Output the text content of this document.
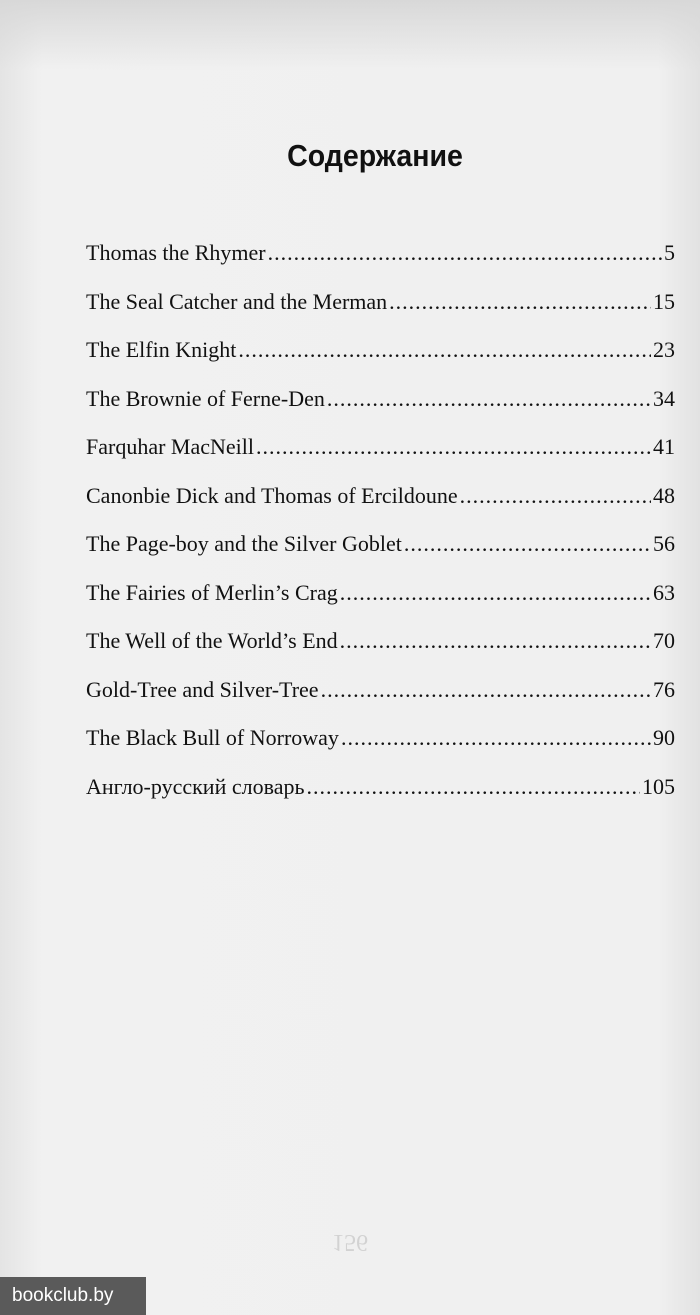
Содержание
Thomas the Rhymer .....	5
The Seal Catcher and the Merman .....	15
The Elfin Knight .....	23
The Brownie of Ferne-Den .....	34
Farquhar MacNeill .....	41
Canonbie Dick and Thomas of Ercildoune .....	48
The Page-boy and the Silver Goblet .....	56
The Fairies of Merlin’s Crag .....	63
The Well of the World’s End .....	70
Gold-Tree and Silver-Tree .....	76
The Black Bull of Norroway .....	90
Англо-русский словарь .....	105
156
bookclub.by
